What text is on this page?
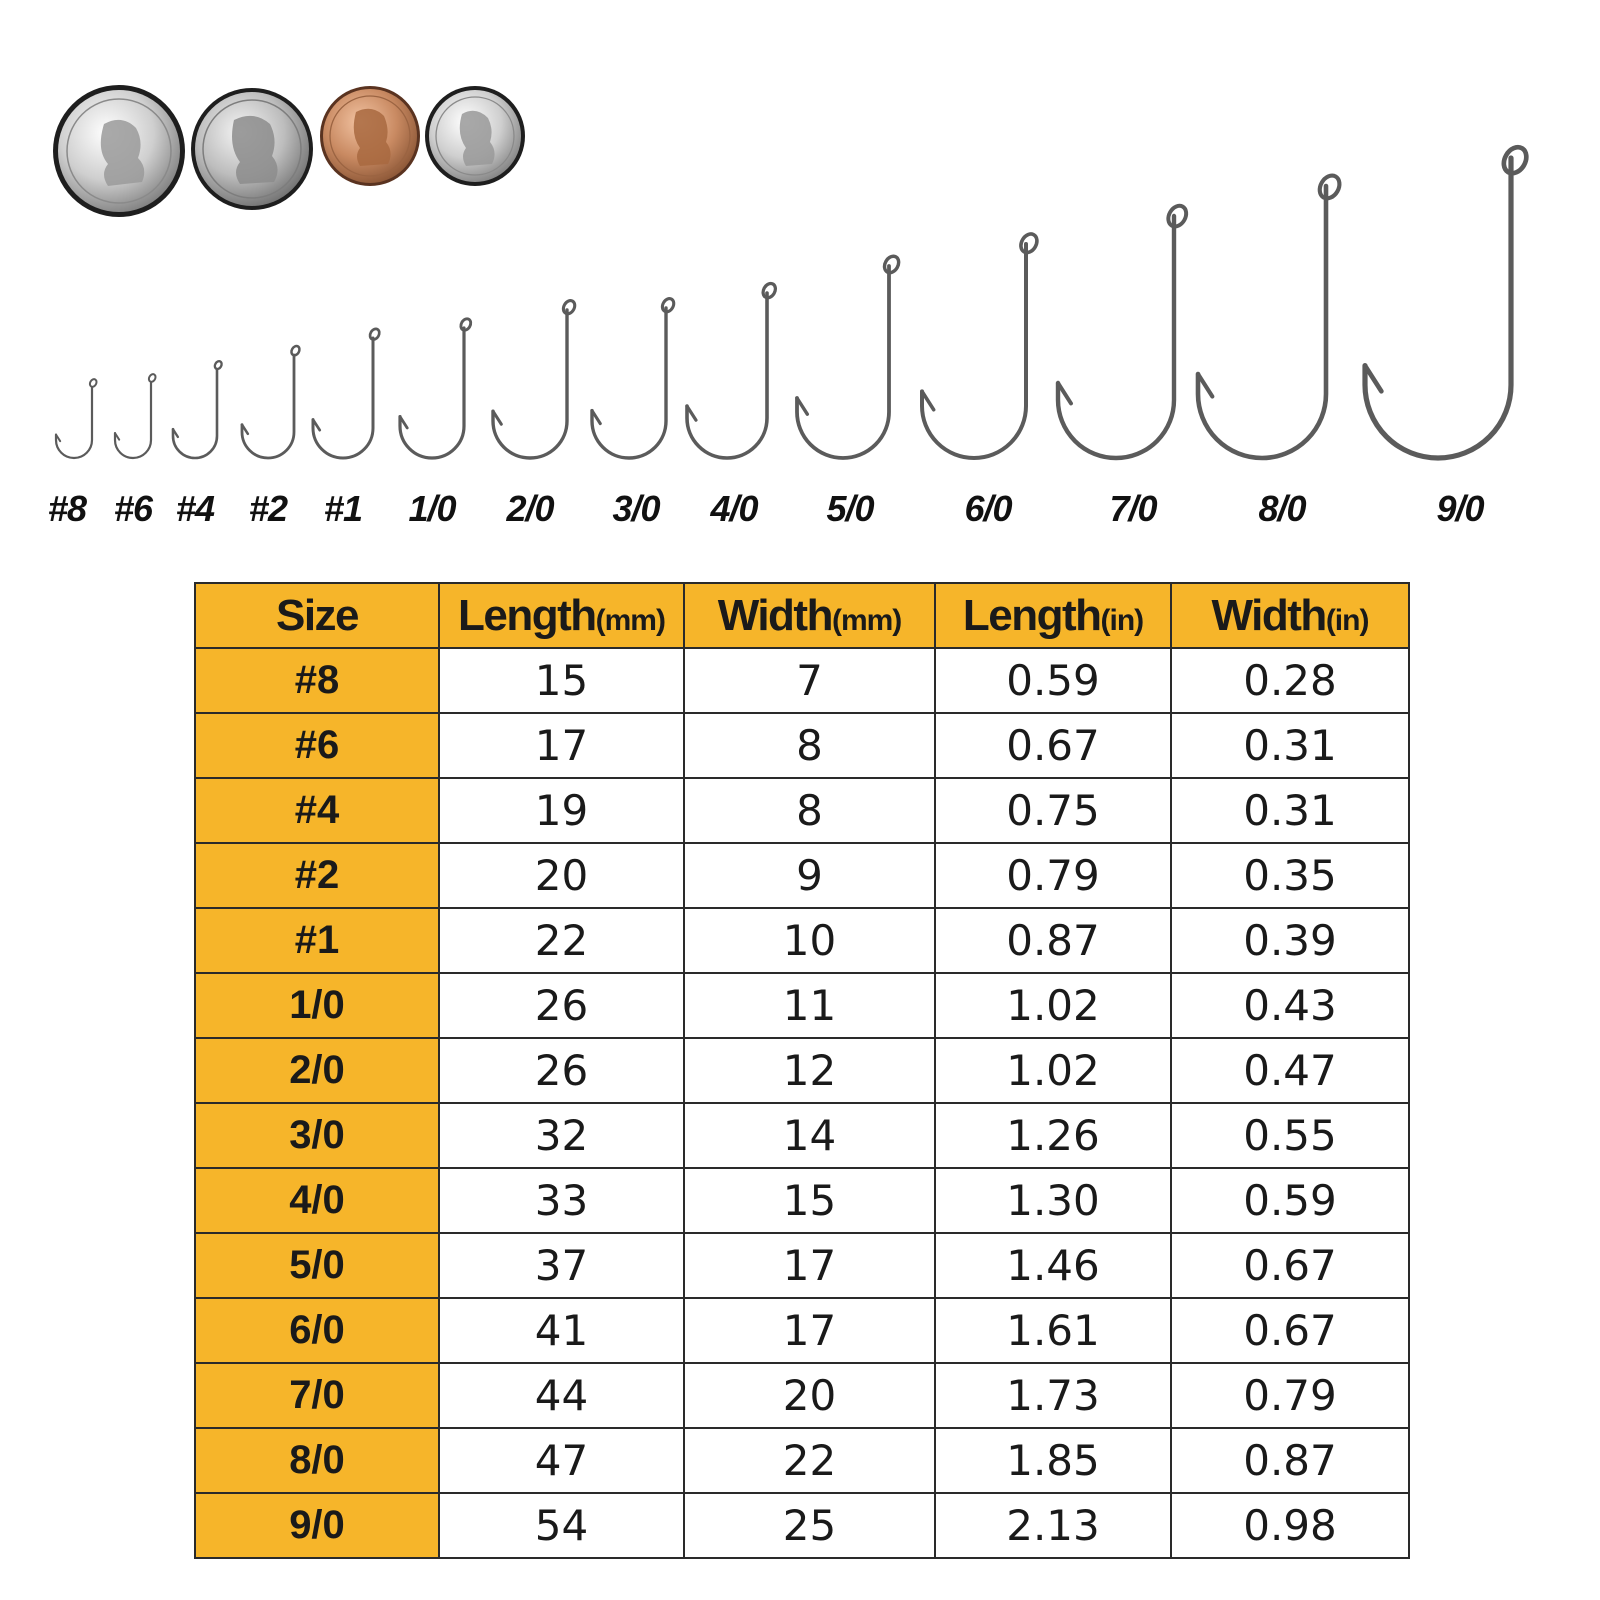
#8 #6 #4 #2 #1 1/0 2/0 3/0 4/0 5/0	6/0	7/0	8/0	9/0
Size	Length(mm)	Width(mm)	Length(in)	Width(in)
#8	15	7	0.59	0.28
#6	17	8	0.67	0.31
#4	19	8	0.75	0.31
#2	20	9	0.79	0.35
#1	22	10	0.87	0.39
1/0	26	11	1.02	0.43
2/0	26	12	1.02	0.47
3/0	32	14	1.26	0.55
4/0	33	15	1.30	0.59
5/0	37	17	1.46	0.67
6/0	41	17	1.61	0.67
7/0	44	20	1.73	0.79
8/0	47	22	1.85	0.87
9/0	54	25	2.13	0.98
